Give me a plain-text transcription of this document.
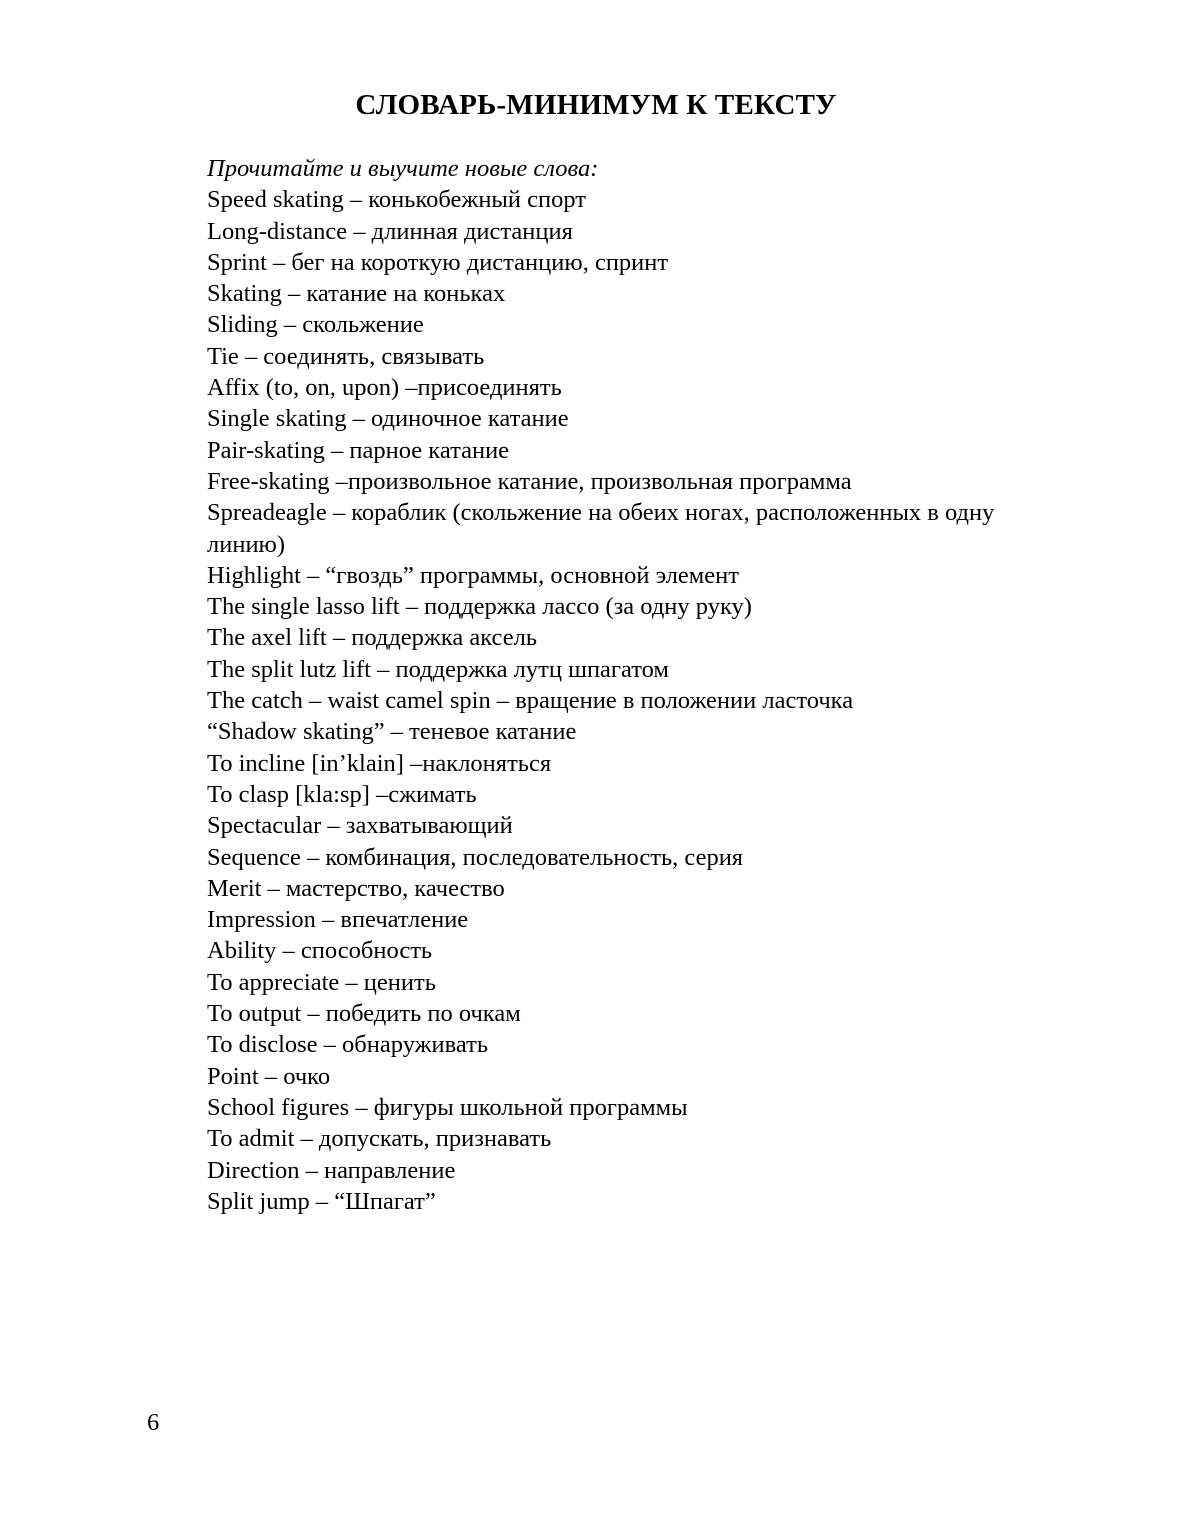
СЛОВАРЬ-МИНИМУМ К ТЕКСТУ
Прочитайте и выучите новые слова:
Speed skating – конькобежный спорт
Long-distance – длинная дистанция
Sprint – бег на короткую дистанцию, спринт
Skating – катание на коньках
Sliding – скольжение
Tie – соединять, связывать
Affix (to, on, upon) –присоединять
Single skating – одиночное катание
Pair-skating – парное катание
Free-skating –произвольное катание, произвольная программа
Spreadeagle – кораблик (скольжение на обеих ногах, расположенных в одну линию)
Highlight – “гвоздь” программы, основной элемент
The single lasso lift – поддержка лассо (за одну руку)
The axel lift – поддержка аксель
The split lutz lift – поддержка лутц шпагатом
The catch – waist camel spin – вращение в положении ласточка
“Shadow skating” – теневое катание
To incline [in’klain] –наклоняться
To clasp [kla:sp] –сжимать
Spectacular – захватывающий
Sequence – комбинация, последовательность, серия
Merit – мастерство, качество
Impression – впечатление
Ability – способность
To appreciate – ценить
To output – победить по очкам
To disclose – обнаруживать
Point – очко
School figures – фигуры школьной программы
To admit – допускать, признавать
Direction – направление
Split jump – “Шпагат”
6
